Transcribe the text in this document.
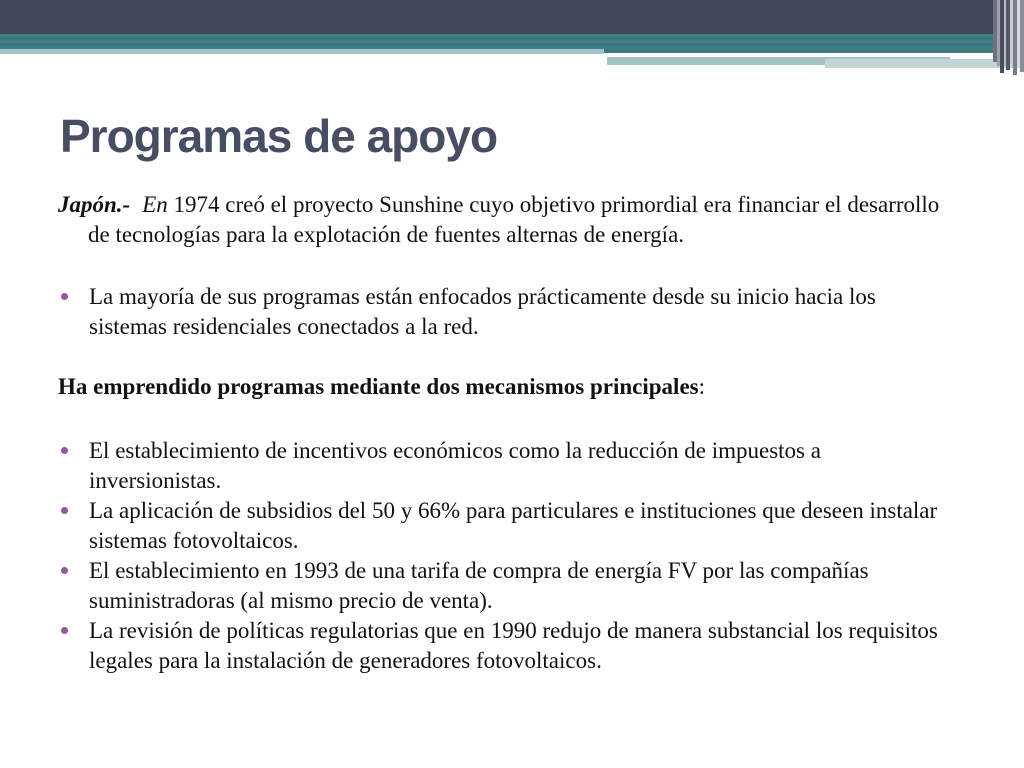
Programas de apoyo

Japón.- En 1974 creó el proyecto Sunshine cuyo objetivo primordial era financiar el desarrollo de tecnologías para la explotación de fuentes alternas de energía.

La mayoría de sus programas están enfocados prácticamente desde su inicio hacia los sistemas residenciales conectados a la red.

Ha emprendido programas mediante dos mecanismos principales:

El establecimiento de incentivos económicos como la reducción de impuestos a inversionistas.

La aplicación de subsidios del 50 y 66% para particulares e instituciones que deseen instalar sistemas fotovoltaicos.

El establecimiento en 1993 de una tarifa de compra de energía FV por las compañías suministradoras (al mismo precio de venta).

La revisión de políticas regulatorias que en 1990 redujo de manera substancial los requisitos legales para la instalación de generadores fotovoltaicos.
